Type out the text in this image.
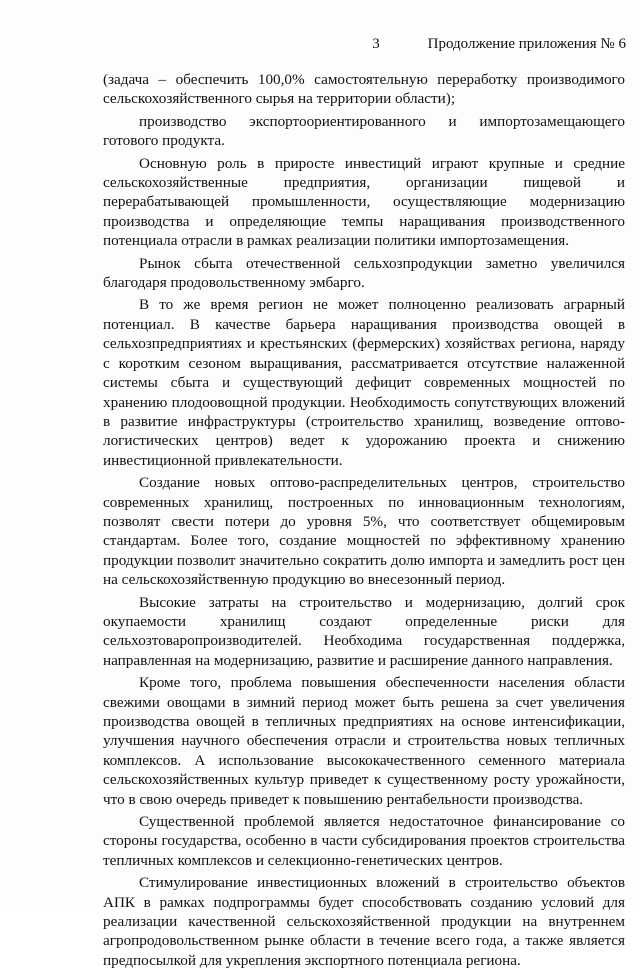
3	Продолжение приложения № 6

(задача – обеспечить 100,0% самостоятельную переработку производимого сельскохозяйственного сырья на территории области);

производство экспортоориентированного и импортозамещающего готового продукта.

Основную роль в приросте инвестиций играют крупные и средние сельскохозяйственные предприятия, организации пищевой и перерабатывающей промышленности, осуществляющие модернизацию производства и определяющие темпы наращивания производственного потенциала отрасли в рамках реализации политики импортозамещения.

Рынок сбыта отечественной сельхозпродукции заметно увеличился благодаря продовольственному эмбарго.

В то же время регион не может полноценно реализовать аграрный потенциал. В качестве барьера наращивания производства овощей в сельхозпредприятиях и крестьянских (фермерских) хозяйствах региона, наряду с коротким сезоном выращивания, рассматривается отсутствие налаженной системы сбыта и существующий дефицит современных мощностей по хранению плодоовощной продукции. Необходимость сопутствующих вложений в развитие инфраструктуры (строительство хранилищ, возведение оптово-логистических центров) ведет к удорожанию проекта и снижению инвестиционной привлекательности.

Создание новых оптово-распределительных центров, строительство современных хранилищ, построенных по инновационным технологиям, позволят свести потери до уровня 5%, что соответствует общемировым стандартам. Более того, создание мощностей по эффективному хранению продукции позволит значительно сократить долю импорта и замедлить рост цен на сельскохозяйственную продукцию во внесезонный период.

Высокие затраты на строительство и модернизацию, долгий срок окупаемости хранилищ создают определенные риски для сельхозтоваропроизводителей. Необходима государственная поддержка, направленная на модернизацию, развитие и расширение данного направления.

Кроме того, проблема повышения обеспеченности населения области свежими овощами в зимний период может быть решена за счет увеличения производства овощей в тепличных предприятиях на основе интенсификации, улучшения научного обеспечения отрасли и строительства новых тепличных комплексов. А использование высококачественного семенного материала сельскохозяйственных культур приведет к существенному росту урожайности, что в свою очередь приведет к повышению рентабельности производства.

Существенной проблемой является недостаточное финансирование со стороны государства, особенно в части субсидирования проектов строительства тепличных комплексов и селекционно-генетических центров.

Стимулирование инвестиционных вложений в строительство объектов АПК в рамках подпрограммы будет способствовать созданию условий для реализации качественной сельскохозяйственной продукции на внутреннем агропродовольственном рынке области в течение всего года, а также является предпосылкой для укрепления экспортного потенциала региона.
